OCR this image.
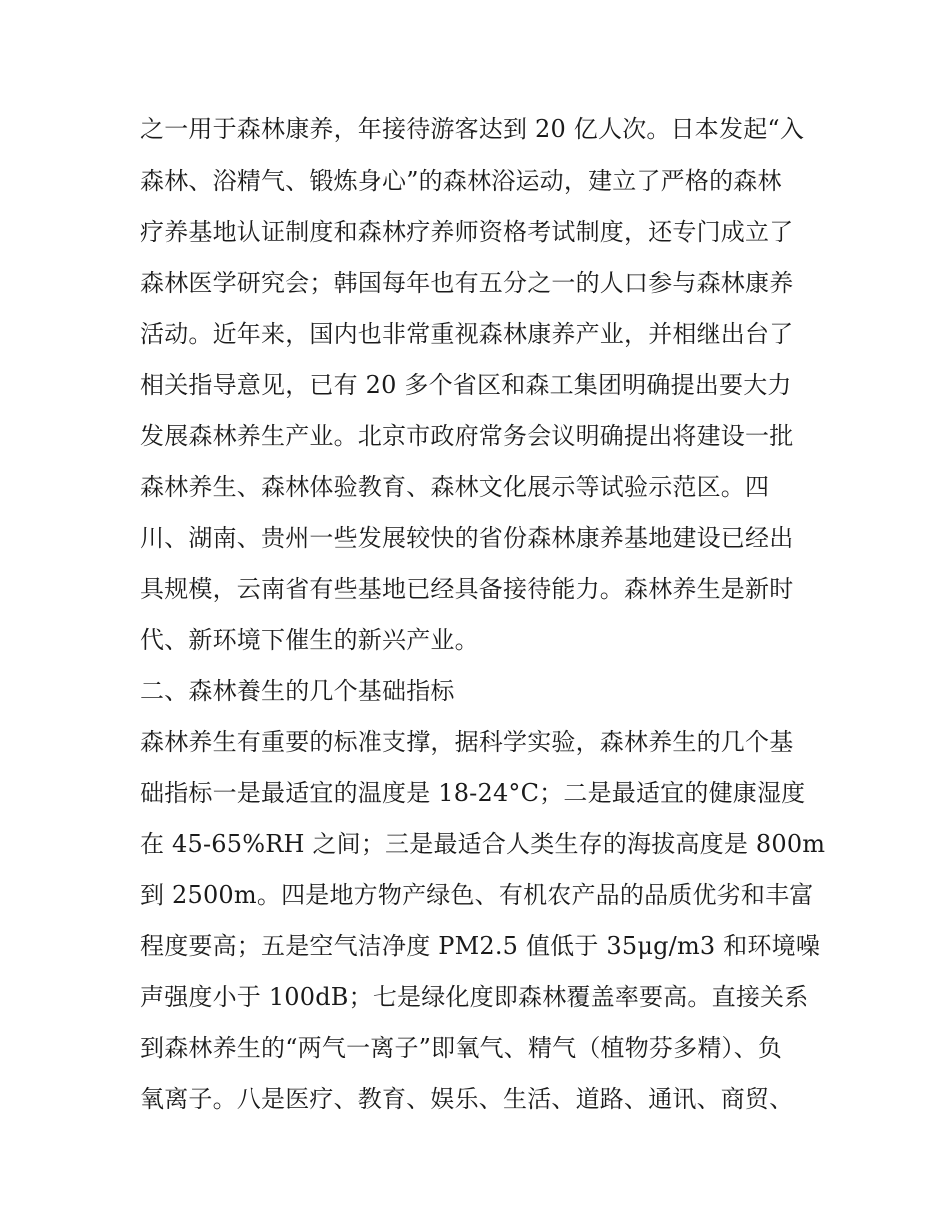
之一用于森林康养，年接待游客达到 20 亿人次。日本发起“入
森林、浴精气、锻炼身心”的森林浴运动，建立了严格的森林
疗养基地认证制度和森林疗养师资格考试制度，还专门成立了
森林医学研究会；韩国每年也有五分之一的人口参与森林康养
活动。近年来，国内也非常重视森林康养产业，并相继出台了
相关指导意见，已有 20 多个省区和森工集团明确提出要大力
发展森林养生产业。北京市政府常务会议明确提出将建设一批
森林养生、森林体验教育、森林文化展示等试验示范区。四
川、湖南、贵州一些发展较快的省份森林康养基地建设已经出
具规模，云南省有些基地已经具备接待能力。森林养生是新时
代、新环境下催生的新兴产业。
二、森林養生的几个基础指标
森林养生有重要的标准支撑，据科学实验，森林养生的几个基
础指标一是最适宜的温度是 18-24°C；二是最适宜的健康湿度
在 45-65%RH 之间；三是最适合人类生存的海拔高度是 800m
到 2500m。四是地方物产绿色、有机农产品的品质优劣和丰富
程度要高；五是空气洁净度 PM2.5 值低于 35μg/m3 和环境噪
声强度小于 100dB；七是绿化度即森林覆盖率要高。直接关系
到森林养生的“两气一离子”即氧气、精气（植物芬多精）、负
氧离子。八是医疗、教育、娱乐、生活、道路、通讯、商贸、
